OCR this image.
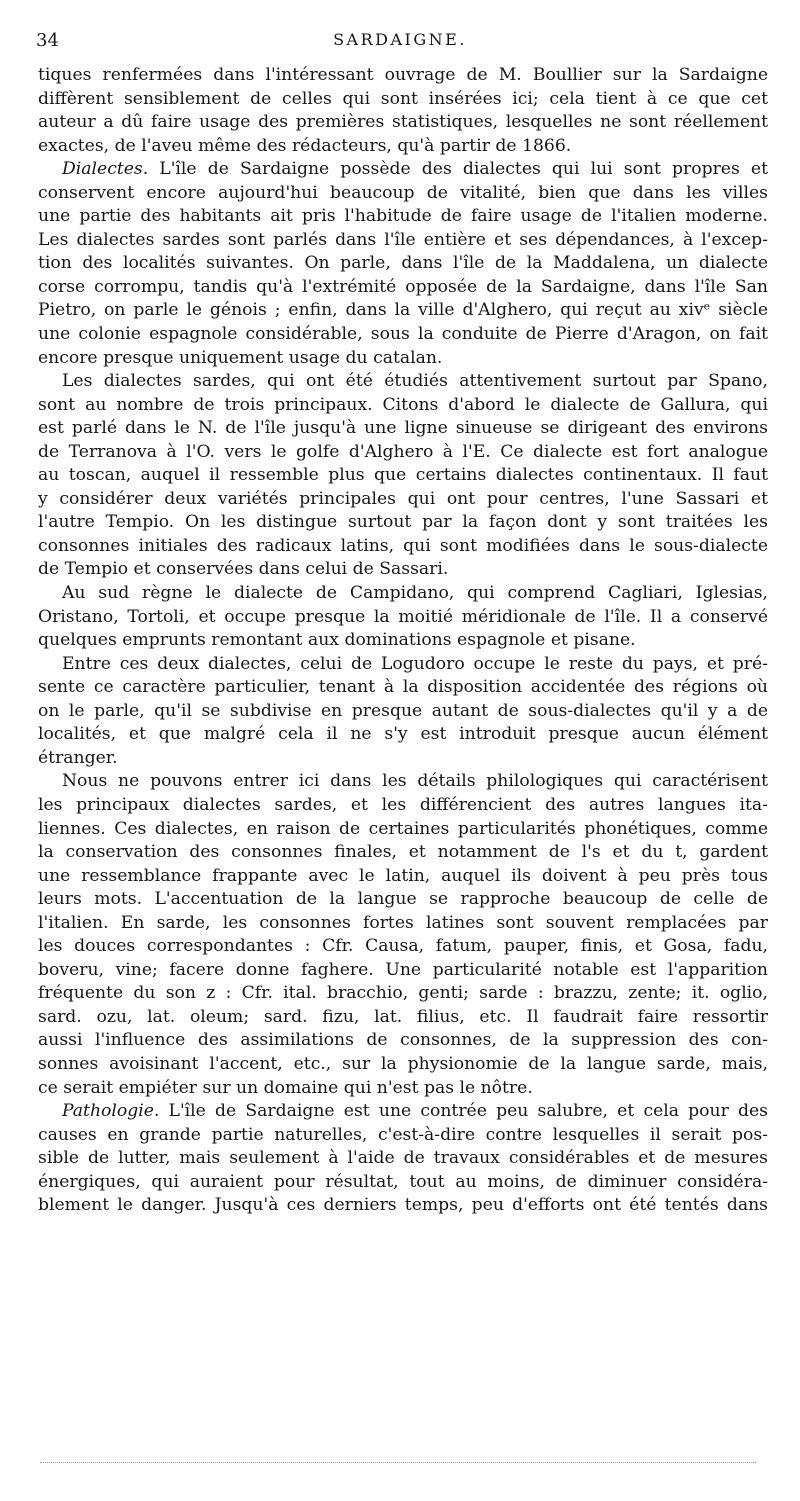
34	SARDAIGNE.
tiques renfermées dans l'intéressant ouvrage de M. Boullier sur la Sardaigne
diffèrent sensiblement de celles qui sont insérées ici; cela tient à ce que cet
auteur a dû faire usage des premières statistiques, lesquelles ne sont réellement
exactes, de l'aveu même des rédacteurs, qu'à partir de 1866.
Dialectes. L'île de Sardaigne possède des dialectes qui lui sont propres et
conservent encore aujourd'hui beaucoup de vitalité, bien que dans les villes
une partie des habitants ait pris l'habitude de faire usage de l'italien moderne.
Les dialectes sardes sont parlés dans l'île entière et ses dépendances, à l'excep-
tion des localités suivantes. On parle, dans l'île de la Maddalena, un dialecte
corse corrompu, tandis qu'à l'extrémité opposée de la Sardaigne, dans l'île San
Pietro, on parle le génois ; enfin, dans la ville d'Alghero, qui reçut au xivᵉ siècle
une colonie espagnole considérable, sous la conduite de Pierre d'Aragon, on fait
encore presque uniquement usage du catalan.
Les dialectes sardes, qui ont été étudiés attentivement surtout par Spano,
sont au nombre de trois principaux. Citons d'abord le dialecte de Gallura, qui
est parlé dans le N. de l'île jusqu'à une ligne sinueuse se dirigeant des environs
de Terranova à l'O. vers le golfe d'Alghero à l'E. Ce dialecte est fort analogue
au toscan, auquel il ressemble plus que certains dialectes continentaux. Il faut
y considérer deux variétés principales qui ont pour centres, l'une Sassari et
l'autre Tempio. On les distingue surtout par la façon dont y sont traitées les
consonnes initiales des radicaux latins, qui sont modifiées dans le sous-dialecte
de Tempio et conservées dans celui de Sassari.
Au sud règne le dialecte de Campidano, qui comprend Cagliari, Iglesias,
Oristano, Tortoli, et occupe presque la moitié méridionale de l'île. Il a conservé
quelques emprunts remontant aux dominations espagnole et pisane.
Entre ces deux dialectes, celui de Logudoro occupe le reste du pays, et pré-
sente ce caractère particulier, tenant à la disposition accidentée des régions où
on le parle, qu'il se subdivise en presque autant de sous-dialectes qu'il y a de
localités, et que malgré cela il ne s'y est introduit presque aucun élément
étranger.
Nous ne pouvons entrer ici dans les détails philologiques qui caractérisent
les principaux dialectes sardes, et les différencient des autres langues ita-
liennes. Ces dialectes, en raison de certaines particularités phonétiques, comme
la conservation des consonnes finales, et notamment de l's et du t, gardent
une ressemblance frappante avec le latin, auquel ils doivent à peu près tous
leurs mots. L'accentuation de la langue se rapproche beaucoup de celle de
l'italien. En sarde, les consonnes fortes latines sont souvent remplacées par
les douces correspondantes : Cfr. Causa, fatum, pauper, finis, et Gosa, fadu,
boveru, vine; facere donne faghere. Une particularité notable est l'apparition
fréquente du son z : Cfr. ital. bracchio, genti; sarde : brazzu, zente; it. oglio,
sard. ozu, lat. oleum; sard. fizu, lat. filius, etc. Il faudrait faire ressortir
aussi l'influence des assimilations de consonnes, de la suppression des con-
sonnes avoisinant l'accent, etc., sur la physionomie de la langue sarde, mais,
ce serait empiéter sur un domaine qui n'est pas le nôtre.
Pathologie. L'île de Sardaigne est une contrée peu salubre, et cela pour des
causes en grande partie naturelles, c'est-à-dire contre lesquelles il serait pos-
sible de lutter, mais seulement à l'aide de travaux considérables et de mesures
énergiques, qui auraient pour résultat, tout au moins, de diminuer considéra-
blement le danger. Jusqu'à ces derniers temps, peu d'efforts ont été tentés dans
